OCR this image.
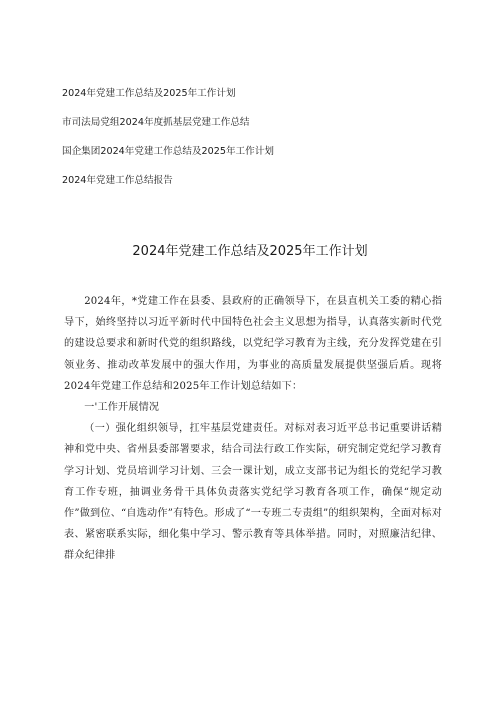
2024年党建工作总结及2025年工作计划
市司法局党组2024年度抓基层党建工作总结
国企集团2024年党建工作总结及2025年工作计划
2024年党建工作总结报告
2024年党建工作总结及2025年工作计划

2024年，*党建工作在县委、县政府的正确领导下，在县直机关工委的精心指导下，始终坚持以习近平新时代中国特色社会主义思想为指导，认真落实新时代党的建设总要求和新时代党的组织路线，以党纪学习教育为主线，充分发挥党建在引领业务、推动改革发展中的强大作用，为事业的高质量发展提供坚强后盾。现将2024年党建工作总结和2025年工作计划总结如下：

一'工作开展情况

（一）强化组织领导，扛牢基层党建责任。对标对表习近平总书记重要讲话精神和党中央、省州县委部署要求，结合司法行政工作实际，研究制定党纪学习教育学习计划、党员培训学习计划、三会一课计划，成立支部书记为组长的党纪学习教育工作专班，抽调业务骨干具体负责落实党纪学习教育各项工作，确保“规定动作”做到位、“自选动作”有特色。形成了“一专班二专责组”的组织架构，全面对标对表、紧密联系实际，细化集中学习、警示教育等具体举措。同时，对照廉洁纪律、群众纪律排
